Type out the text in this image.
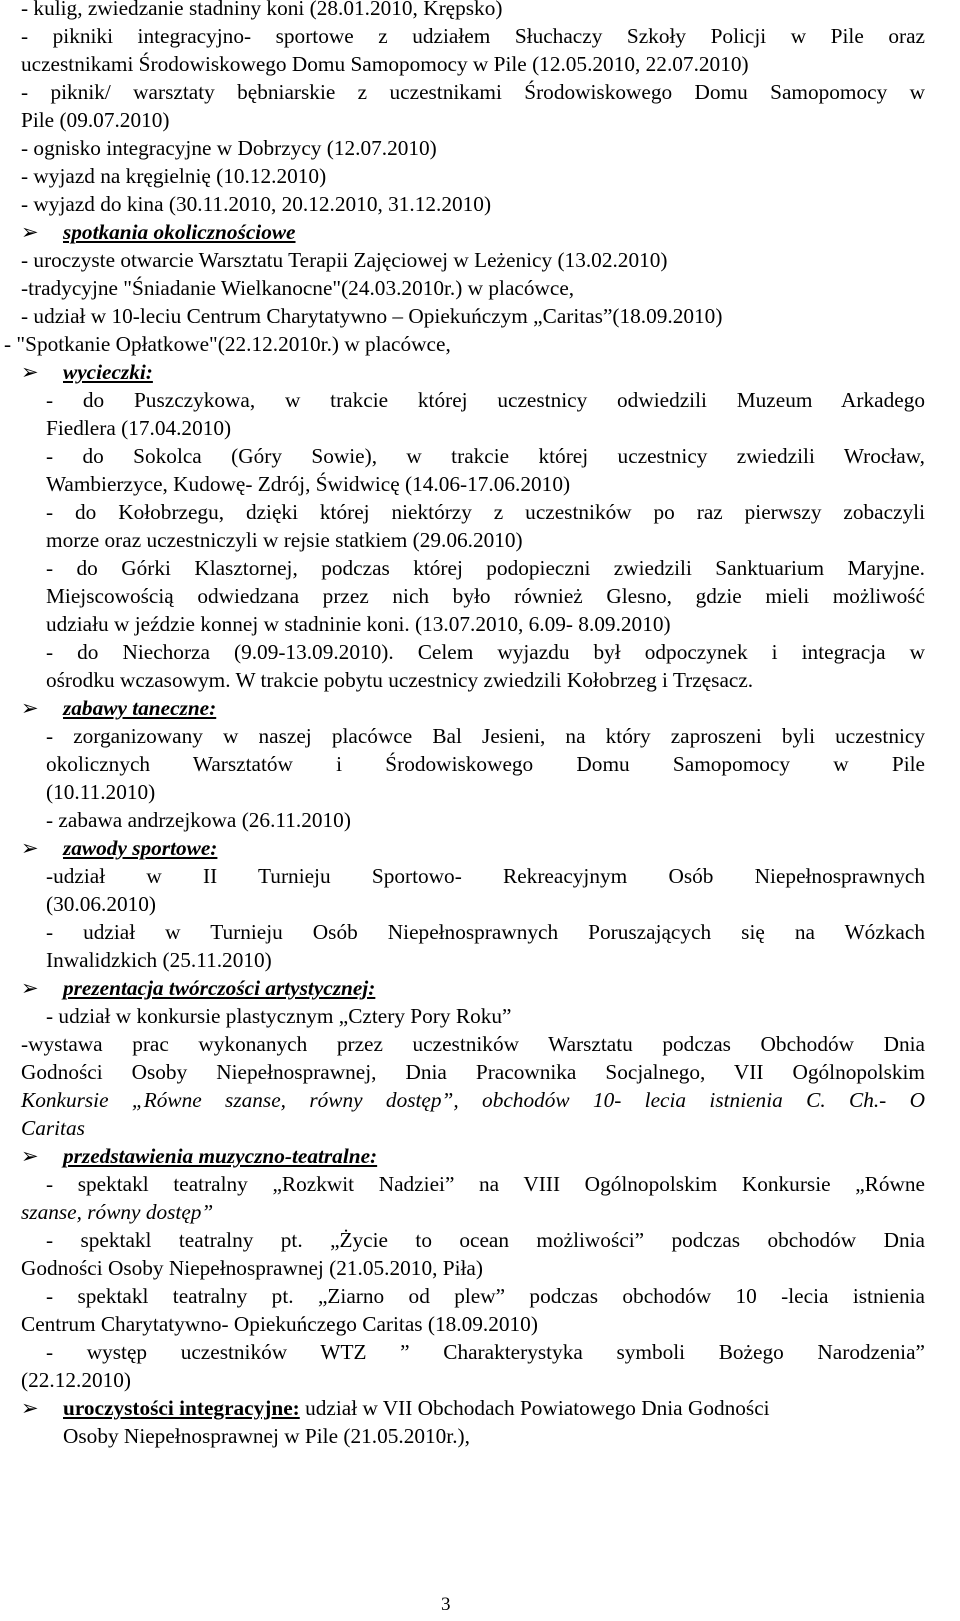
- kulig, zwiedzanie stadniny koni (28.01.2010, Krępsko)
- pikniki integracyjno- sportowe z udziałem Słuchaczy Szkoły Policji w Pile oraz
uczestnikami Środowiskowego Domu Samopomocy w Pile (12.05.2010, 22.07.2010)
- piknik/ warsztaty bębniarskie z uczestnikami Środowiskowego Domu Samopomocy w
Pile (09.07.2010)
- ognisko integracyjne w Dobrzycy (12.07.2010)
- wyjazd na kręgielnię (10.12.2010)
- wyjazd do kina (30.11.2010, 20.12.2010, 31.12.2010)
➢ spotkania okolicznościowe
- uroczyste otwarcie Warsztatu Terapii Zajęciowej w Leżenicy (13.02.2010)
-tradycyjne "Śniadanie Wielkanocne"(24.03.2010r.) w placówce,
- udział w 10-leciu Centrum Charytatywno – Opiekuńczym „Caritas”(18.09.2010)
- "Spotkanie Opłatkowe"(22.12.2010r.) w placówce,
➢ wycieczki:
- do Puszczykowa, w trakcie której uczestnicy odwiedzili Muzeum Arkadego
Fiedlera (17.04.2010)
- do Sokolca (Góry Sowie), w trakcie której uczestnicy zwiedzili Wrocław,
Wambierzyce, Kudowę- Zdrój, Świdwicę (14.06-17.06.2010)
- do Kołobrzegu, dzięki której niektórzy z uczestników po raz pierwszy zobaczyli
morze oraz uczestniczyli w rejsie statkiem (29.06.2010)
- do Górki Klasztornej, podczas której podopieczni zwiedzili Sanktuarium Maryjne.
Miejscowością odwiedzana przez nich było również Glesno, gdzie mieli możliwość
udziału w jeździe konnej w stadninie koni. (13.07.2010, 6.09- 8.09.2010)
- do Niechorza (9.09-13.09.2010). Celem wyjazdu był odpoczynek i integracja w
ośrodku wczasowym. W trakcie pobytu uczestnicy zwiedzili Kołobrzeg i Trzęsacz.
➢ zabawy taneczne:
- zorganizowany w naszej placówce Bal Jesieni, na który zaproszeni byli uczestnicy
okolicznych Warsztatów i Środowiskowego Domu Samopomocy w Pile
(10.11.2010)
- zabawa andrzejkowa (26.11.2010)
➢ zawody sportowe:
-udział w II Turnieju Sportowo- Rekreacyjnym Osób Niepełnosprawnych
(30.06.2010)
- udział w Turnieju Osób Niepełnosprawnych Poruszających się na Wózkach
Inwalidzkich (25.11.2010)
➢ prezentacja twórczości artystycznej:
- udział w konkursie plastycznym „Cztery Pory Roku”
-wystawa prac wykonanych przez uczestników Warsztatu podczas Obchodów Dnia
Godności Osoby Niepełnosprawnej, Dnia Pracownika Socjalnego, VII Ogólnopolskim
Konkursie „Równe szanse, równy dostęp”, obchodów 10- lecia istnienia C. Ch.- O
Caritas
➢ przedstawienia muzyczno-teatralne:
- spektakl teatralny „Rozkwit Nadziei” na VIII Ogólnopolskim Konkursie „Równe
szanse, równy dostęp”
- spektakl teatralny pt. „Życie to ocean możliwości” podczas obchodów Dnia
Godności Osoby Niepełnosprawnej (21.05.2010, Piła)
- spektakl teatralny pt. „Ziarno od plew” podczas obchodów 10 -lecia istnienia
Centrum Charytatywno- Opiekuńczego Caritas (18.09.2010)
- występ uczestników WTZ ” Charakterystyka symboli Bożego Narodzenia”
(22.12.2010)
➢ uroczystości integracyjne: udział w VII Obchodach Powiatowego Dnia Godności
Osoby Niepełnosprawnej w Pile (21.05.2010r.),
3
